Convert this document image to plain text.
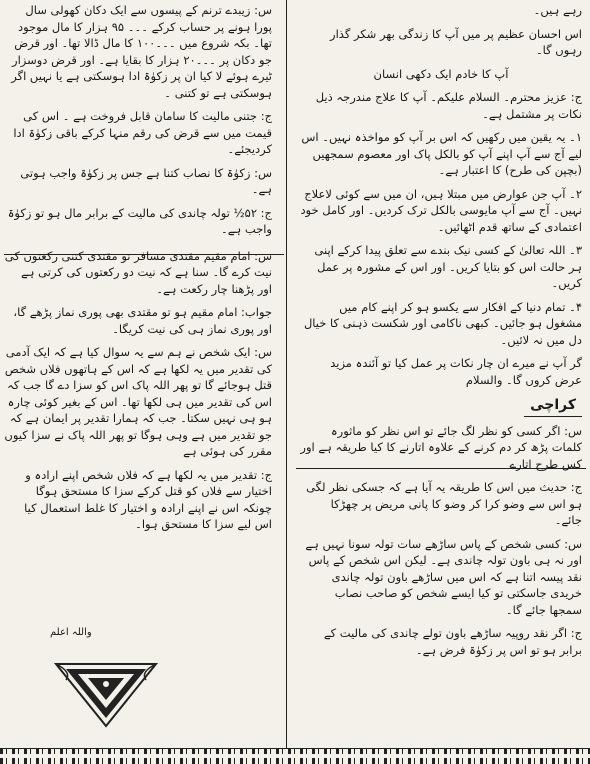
س: زیبدے ترنم کے پیسوں سے ایک دکان کھولی سال پورا ہونے پر حساب کرکے ۔۔۔ ۹۵ ہزار کا مال موجود تھا۔ بکہ شروع میں ۔۔۔۱۰۰ کا مال ڈالا تھا۔ اور قرض جو دکان پر ۔۔۔۲۰ ہزار کا بقایا ہے۔ اور قرض دوسزار ٹیرے ہوئے لا کیا ان پر زکوٰۃ ادا ہوسکتی ہے یا نہیں اگر ہوسکتی ہے تو کتنی ۔

ج: جتنی مالیت کا سامان قابل فروخت ہے ۔ اس کی قیمت میں سے قرض کی رقم منہا کرکے باقی زکوٰۃ ادا کردیجئے۔

س: زکوٰۃ کا نصاب کتنا ہے جس پر زکوٰۃ واجب ہوتی ہے۔

ج: ۵۲½ تولہ چاندی کی مالیت کے برابر مال ہو تو زکوٰۃ واجب ہے۔

س: امام مقیم مقتدی مسافر تو مقتدی کتنی رکعتوں کی نیت کرے گا۔ سنا ہے کہ نیت دو رکعتوں کی کرتی ہے اور پڑھنا چار رکعت ہے۔

جواب: امام مقیم ہو تو مقتدی بھی پوری نماز پڑھے گا، اور پوری نماز ہی کی نیت کریگا۔

س: ایک شخص نے ہم سے یہ سوال کیا ہے کہ ایک آدمی کی تقدیر میں یہ لکھا ہے کہ اس کے ہاتھوں فلاں شخص قتل ہوجائے گا تو پھر اللہ پاک اس کو سزا دے گا جب کہ اس کی تقدیر میں ہی لکھا تھا۔ اس کے بغیر کوئی چارہ ہو ہی نہیں سکتا۔ جب کہ ہمارا تقدیر پر ایمان ہے کہ جو تقدیر میں ہے وہی ہوگا تو پھر اللہ پاک نے سزا کیوں مقرر کی ہوئی ہے

ج: تقدیر میں یہ لکھا ہے کہ فلاں شخص اپنے ارادہ و اختیار سے فلاں کو قتل کرکے سزا کا مستحق ہوگا چونکہ اس نے اپنے ارادہ و اختیار کا غلط استعمال کیا اس لیے سزا کا مستحق ہوا۔

واللہ اعلم

رہے ہیں۔

اس احسان عظیم پر میں آپ کا زندگی بھر شکر گذار رہوں گا۔

آپ کا خادم ایک دکھی انسان

ج: عزیز محترم۔ السلام علیکم۔ آپ کا علاج مندرجہ ذیل نکات پر مشتمل ہے۔

۱۔ یہ یقین میں رکھیں کہ اس بر آپ کو مواخذہ نہیں۔ اس لیے آج سے آپ اپنے آپ کو بالکل پاک اور معصوم سمجھیں (بچپن کی طرح) کا اعتبار ہے۔

۲۔ آپ جن عوارض میں مبتلا ہیں، ان میں سے کوئی لاعلاج نہیں۔ آج سے آپ مایوسی بالکل ترک کردیں۔ اور کامل خود اعتمادی کے ساتھ قدم اٹھائیں۔

۳۔ اللہ تعالیٰ کے کسی نیک بندے سے تعلق پیدا کرکے اپنی ہر حالت اس کو بتایا کریں۔ اور اس کے مشورہ پر عمل کریں۔

۴۔ تمام دنیا کے افکار سے یکسو ہو کر اپنے کام میں مشغول ہو جائیں۔ کبھی ناکامی اور شکست ذہنی کا خیال دل میں نہ لائیں۔

گر آپ نے میرے ان چار نکات پر عمل کیا تو آئندہ مزید عرض کروں گا۔ والسلام

کراچی

س: اگر کسی کو نظر لگ جائے تو اس نظر کو ماثورہ کلمات پڑھ کر دم کرنے کے علاوہ اتارنے کا کیا طریقہ ہے اور کس طرح اتارے

ج: حدیث میں اس کا طریقہ یہ آیا ہے کہ جسکی نظر لگی ہو اس سے وضو کرا کر وضو کا پانی مریض پر چھڑکا جائے۔

س: کسی شخص کے پاس ساڑھے سات تولہ سونا نہیں ہے اور نہ ہی باون تولہ چاندی ہے۔ لیکن اس شخص کے پاس نقد پیسہ اتنا ہے کہ اس میں ساڑھے باون تولہ چاندی خریدی جاسکتی تو کیا ایسے شخص کو صاحب نصاب سمجھا جائے گا۔

ج: اگر نقد روپیہ ساڑھے باون تولے چاندی کی مالیت کے برابر ہو تو اس پر زکوٰۃ فرض ہے۔
